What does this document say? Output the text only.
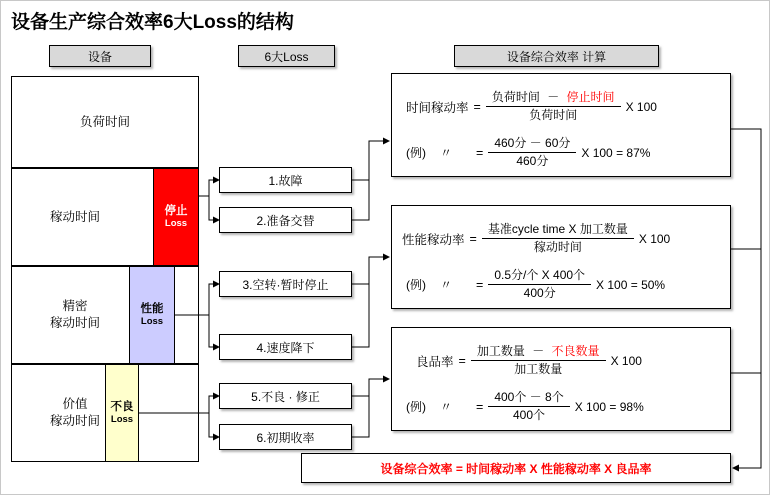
设备生产综合效率6大Loss的结构
设备	6大Loss	设备综合效率 计算
负荷时间
稼动时间
精密
稼动时间
价值
稼动时间
停止
Loss
性能
Loss
不良
Loss
1.故障
2.准备交替
3.空转·暂时停止
4.速度降下
5.不良 · 修正
6.初期收率
时间稼动率 = $\frac{\text{负荷时间 － 停止时间}}{\text{负荷时间}}$ X 100
(例) 〃 = $\frac{\text{460分 － 60分}}{\text{460分}}$ X 100 = 87%
性能稼动率 = $\frac{\text{基准cycle time X 加工数量}}{\text{稼动时间}}$ X 100
(例) 〃 = $\frac{\text{0.5分/个 X 400个}}{\text{400分}}$ X 100 = 50%
良品率 = $\frac{\text{加工数量 － 不良数量}}{\text{加工数量}}$ X 100
(例) 〃 = $\frac{\text{400个 － 8个}}{\text{400个}}$ X 100 = 98%
设备综合效率 = 时间稼动率 X 性能稼动率 X 良品率
